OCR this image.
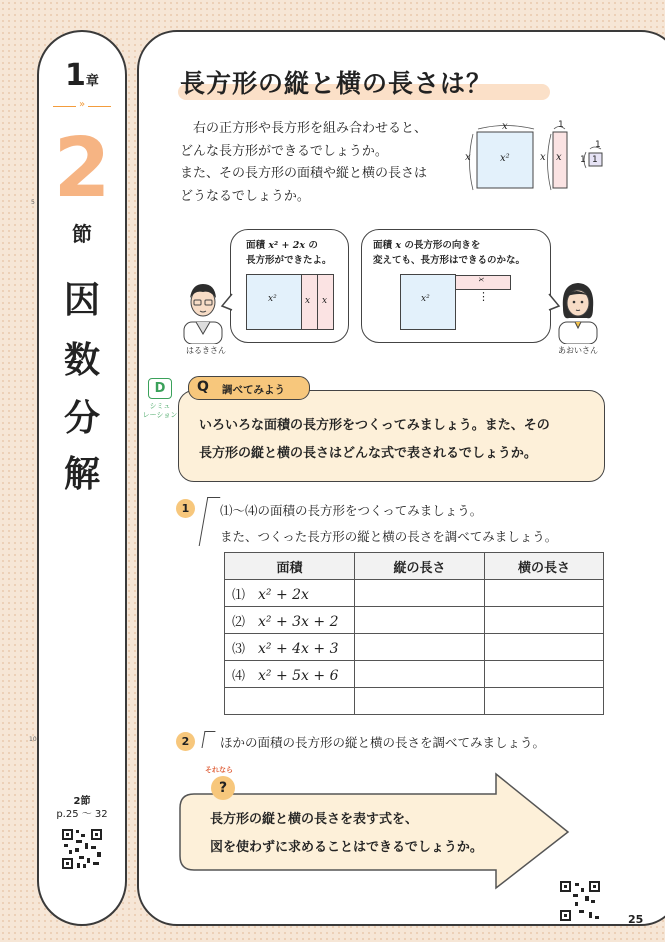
1章
»
2
節
因
数
分
解
2節
p.25 ～ 32
5
10
長方形の縦と横の長さは？
右の正方形や長方形を組み合わせると、
どんな長方形ができるでしょうか。
また、その長方形の面積や縦と横の長さは
どうなるでしょうか。
x
x	x²	x x
1
1
1 1
はるきさん	あおいさん
面積 x² + 2x の
長方形ができたよ。
x²	x x
面積 x の長方形の向きを
変えても、長方形はできるのかな。
x²
x
⋮
D
シミュ
レーション
Q 調べてみよう
いろいろな面積の長方形をつくってみましょう。また、その
長方形の縦と横の長さはどんな式で表されるでしょうか。
1	⑴～⑷の面積の長方形をつくってみましょう。
また、つくった長方形の縦と横の長さを調べてみましょう。
面積	縦の長さ	横の長さ
⑴ x² + 2x		
⑵ x² + 3x + 2		
⑶ x² + 4x + 3		
⑷ x² + 5x + 6		

2	ほかの面積の長方形の縦と横の長さを調べてみましょう。
それなら
?
長方形の縦と横の長さを表す式を、
図を使わずに求めることはできるでしょうか。
25
